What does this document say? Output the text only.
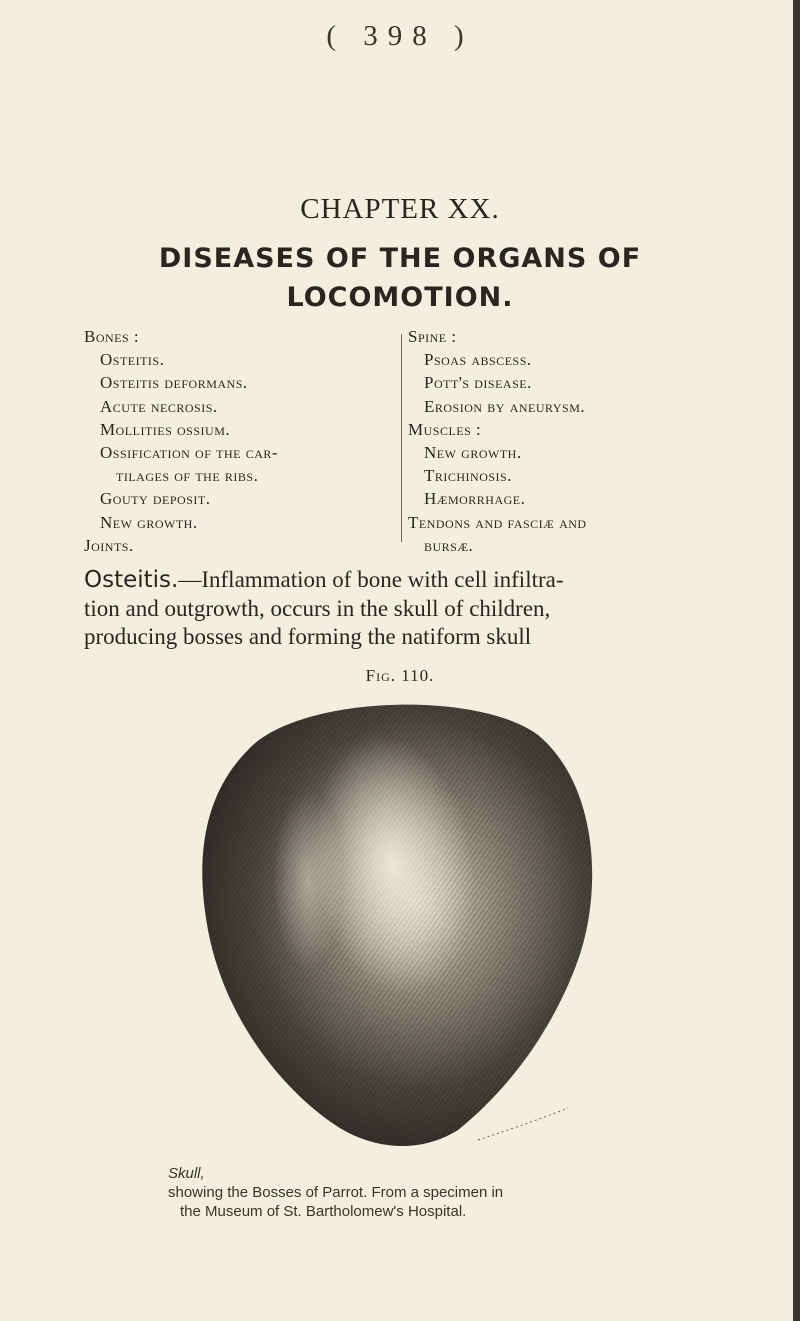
( 398 )
CHAPTER XX.
DISEASES OF THE ORGANS OF
LOCOMOTION.
Bones :
Osteitis.
Osteitis deformans.
Acute necrosis.
Mollities ossium.
Ossification of the car-
tilages of the ribs.
Gouty deposit.
New growth.
Joints.
Spine :
Psoas abscess.
Pott's disease.
Erosion by aneurysm.
Muscles :
New growth.
Trichinosis.
Hæmorrhage.
Tendons and fasciæ and
bursæ.
Osteitis.—Inflammation of bone with cell infiltra-
tion and outgrowth, occurs in the skull of children,
producing bosses and forming the natiform skull
Fig. 110.
Skull,
showing the Bosses of Parrot. From a specimen in
the Museum of St. Bartholomew's Hospital.
